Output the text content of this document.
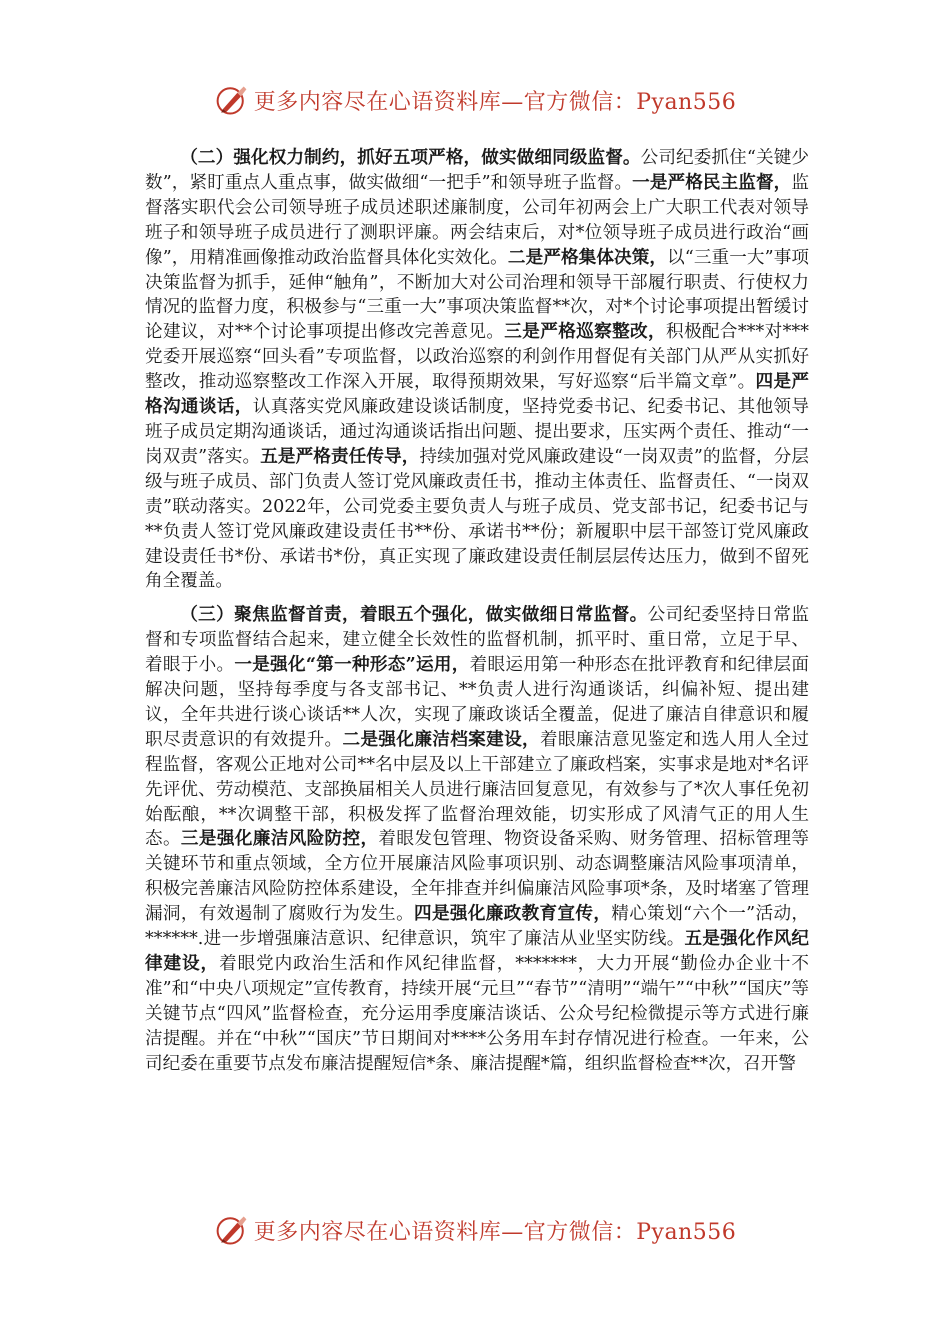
更多内容尽在心语资料库—官方微信：Pyan556

（二）强化权力制约，抓好五项严格，做实做细同级监督。公司纪委抓住“关键少数”，紧盯重点人重点事，做实做细“一把手”和领导班子监督。一是严格民主监督，监督落实职代会公司领导班子成员述职述廉制度，公司年初两会上广大职工代表对领导班子和领导班子成员进行了测职评廉。两会结束后，对*位领导班子成员进行政治“画像”，用精准画像推动政治监督具体化实效化。二是严格集体决策，以“三重一大”事项决策监督为抓手，延伸“触角”，不断加大对公司治理和领导干部履行职责、行使权力情况的监督力度，积极参与“三重一大”事项决策监督**次，对*个讨论事项提出暂缓讨论建议，对**个讨论事项提出修改完善意见。三是严格巡察整改，积极配合***对***党委开展巡察“回头看”专项监督，以政治巡察的利剑作用督促有关部门从严从实抓好整改，推动巡察整改工作深入开展，取得预期效果，写好巡察“后半篇文章”。四是严格沟通谈话，认真落实党风廉政建设谈话制度，坚持党委书记、纪委书记、其他领导班子成员定期沟通谈话，通过沟通谈话指出问题、提出要求，压实两个责任、推动“一岗双责”落实。五是严格责任传导，持续加强对党风廉政建设“一岗双责”的监督，分层级与班子成员、部门负责人签订党风廉政责任书，推动主体责任、监督责任、“一岗双责”联动落实。2022年，公司党委主要负责人与班子成员、党支部书记，纪委书记与**负责人签订党风廉政建设责任书**份、承诺书**份；新履职中层干部签订党风廉政建设责任书*份、承诺书*份，真正实现了廉政建设责任制层层传达压力，做到不留死角全覆盖。

（三）聚焦监督首责，着眼五个强化，做实做细日常监督。公司纪委坚持日常监督和专项监督结合起来，建立健全长效性的监督机制，抓平时、重日常，立足于早、着眼于小。一是强化“第一种形态”运用，着眼运用第一种形态在批评教育和纪律层面解决问题，坚持每季度与各支部书记、**负责人进行沟通谈话，纠偏补短、提出建议，全年共进行谈心谈话**人次，实现了廉政谈话全覆盖，促进了廉洁自律意识和履职尽责意识的有效提升。二是强化廉洁档案建设，着眼廉洁意见鉴定和选人用人全过程监督，客观公正地对公司**名中层及以上干部建立了廉政档案，实事求是地对*名评先评优、劳动模范、支部换届相关人员进行廉洁回复意见，有效参与了*次人事任免初始酝酿，**次调整干部，积极发挥了监督治理效能，切实形成了风清气正的用人生态。三是强化廉洁风险防控，着眼发包管理、物资设备采购、财务管理、招标管理等关键环节和重点领域，全方位开展廉洁风险事项识别、动态调整廉洁风险事项清单，积极完善廉洁风险防控体系建设，全年排查并纠偏廉洁风险事项*条，及时堵塞了管理漏洞，有效遏制了腐败行为发生。四是强化廉政教育宣传，精心策划“六个一”活动，******.进一步增强廉洁意识、纪律意识，筑牢了廉洁从业坚实防线。五是强化作风纪律建设，着眼党内政治生活和作风纪律监督，*******，大力开展“勤俭办企业十不准”和“中央八项规定”宣传教育，持续开展“元旦”“春节”“清明”“端午”“中秋”“国庆”等关键节点“四风”监督检查，充分运用季度廉洁谈话、公众号纪检微提示等方式进行廉洁提醒。并在“中秋”“国庆”节日期间对****公务用车封存情况进行检查。一年来，公司纪委在重要节点发布廉洁提醒短信*条、廉洁提醒*篇，组织监督检查**次，召开警

更多内容尽在心语资料库—官方微信：Pyan556
